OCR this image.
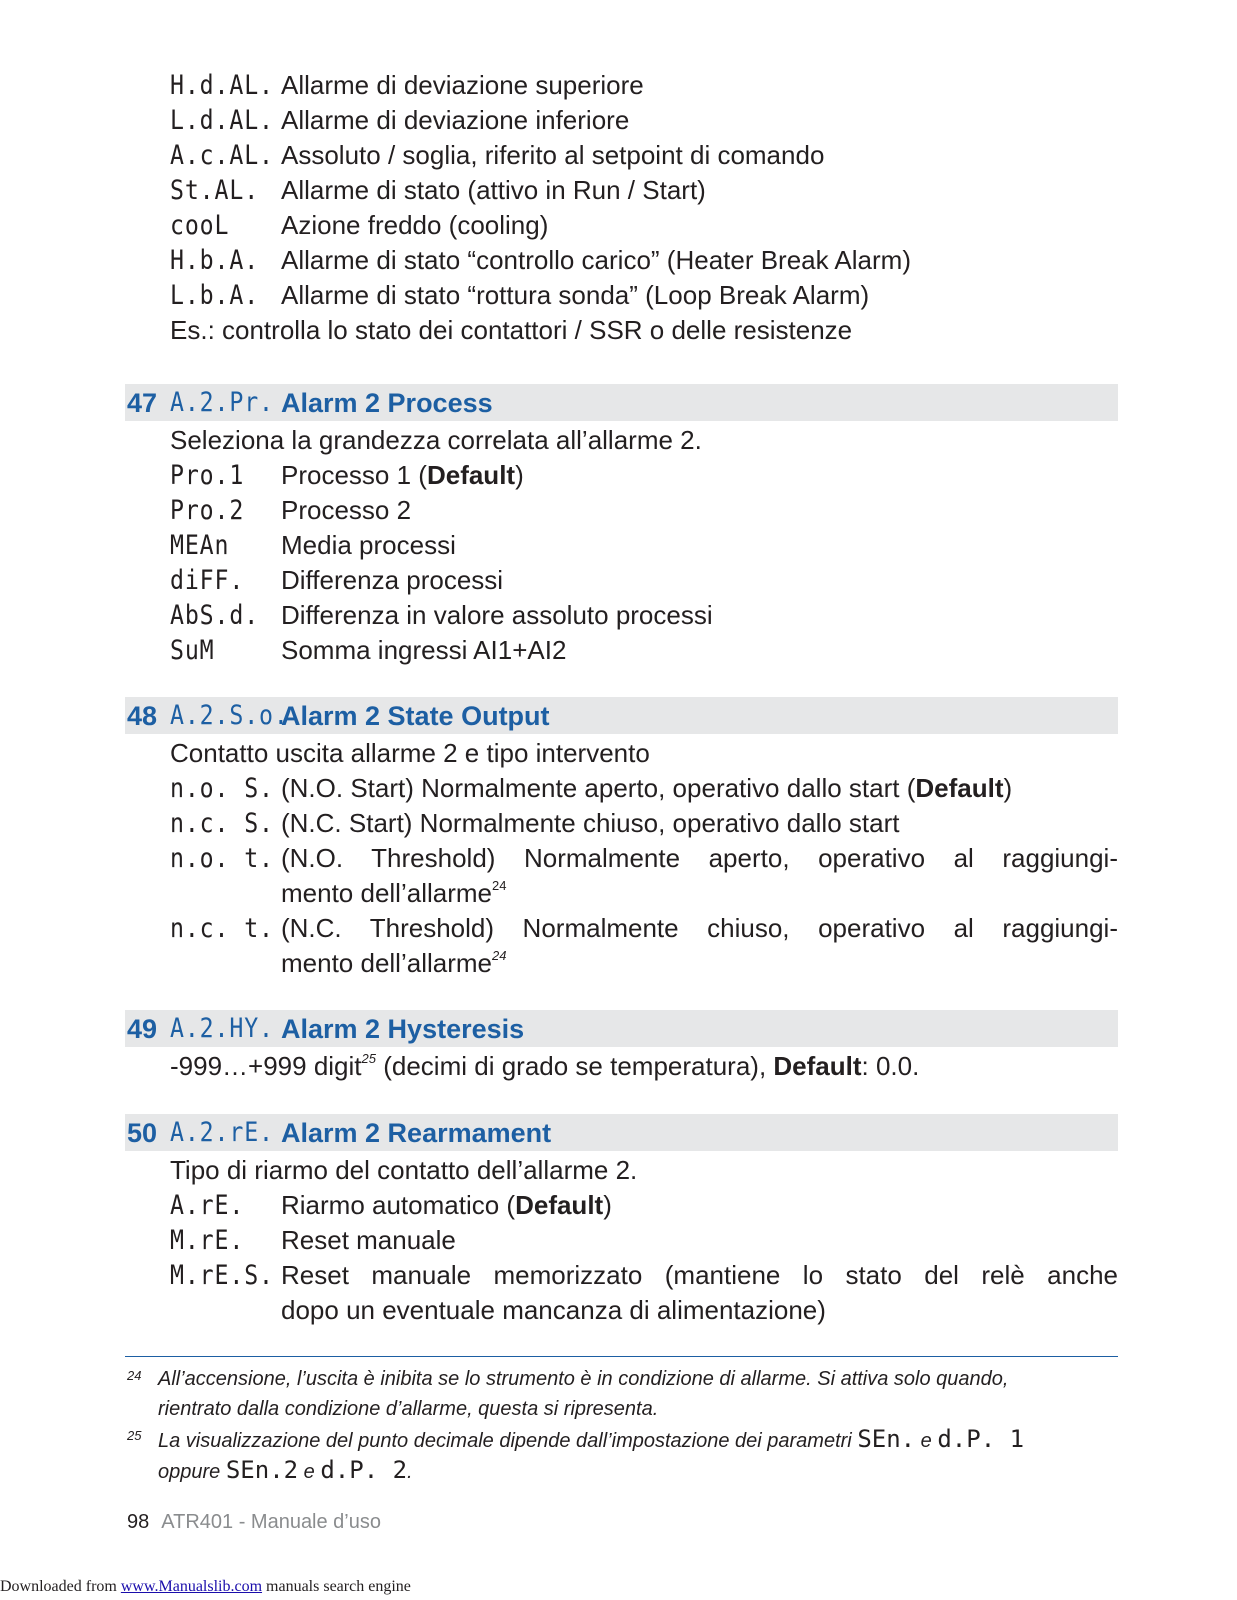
H.d.AL. Allarme di deviazione superiore
L.d.AL. Allarme di deviazione inferiore
A.c.AL. Assoluto / soglia, riferito al setpoint di comando
St.AL. Allarme di stato (attivo in Run / Start)
cooL Azione freddo (cooling)
H.b.A. Allarme di stato “controllo carico” (Heater Break Alarm)
L.b.A. Allarme di stato “rottura sonda” (Loop Break Alarm)
Es.: controlla lo stato dei contattori / SSR o delle resistenze
47 A.2.Pr. Alarm 2 Process
Seleziona la grandezza correlata all’allarme 2.
Pro.1 Processo 1 (Default)
Pro.2 Processo 2
MEAn Media processi
diFF. Differenza processi
AbS.d. Differenza in valore assoluto processi
SuM	Somma ingressi AI1+AI2
48 A.2.S.o.
Alarm 2 State Output
Contatto uscita allarme 2 e tipo intervento
n.o. S. (N.O. Start) Normalmente aperto, operativo dallo start (Default)
n.c. S. (N.C. Start) Normalmente chiuso, operativo dallo start
n.o. t. (N.O. Threshold) Normalmente aperto, operativo al raggiungi-
mento dell’allarme$^{24}$
n.c. t. (N.C. Threshold) Normalmente chiuso, operativo al raggiungi-
mento dell’allarme$^{24}$
49 A.2.HY. Alarm 2 Hysteresis
-999…+999 digit$^{25}$ (decimi di grado se temperatura), Default: 0.0.
50 A.2.rE. Alarm 2 Rearmament
Tipo di riarmo del contatto dell’allarme 2.
A.rE. Riarmo automatico (Default)
M.rE. Reset manuale
M.rE.S. Reset manuale memorizzato (mantiene lo stato del relè anche
dopo un eventuale mancanza di alimentazione)
24 All’accensione, l’uscita è inibita se lo strumento è in condizione di allarme. Si attiva solo quando,
rientrato dalla condizione d’allarme, questa si ripresenta.
25 La visualizzazione del punto decimale dipende dall’impostazione dei parametri SEn. e d.P. 1
oppure SEn.2 e d.P. 2.
98 ATR401 - Manuale d’uso
Downloaded from www.Manualslib.com manuals search engine
